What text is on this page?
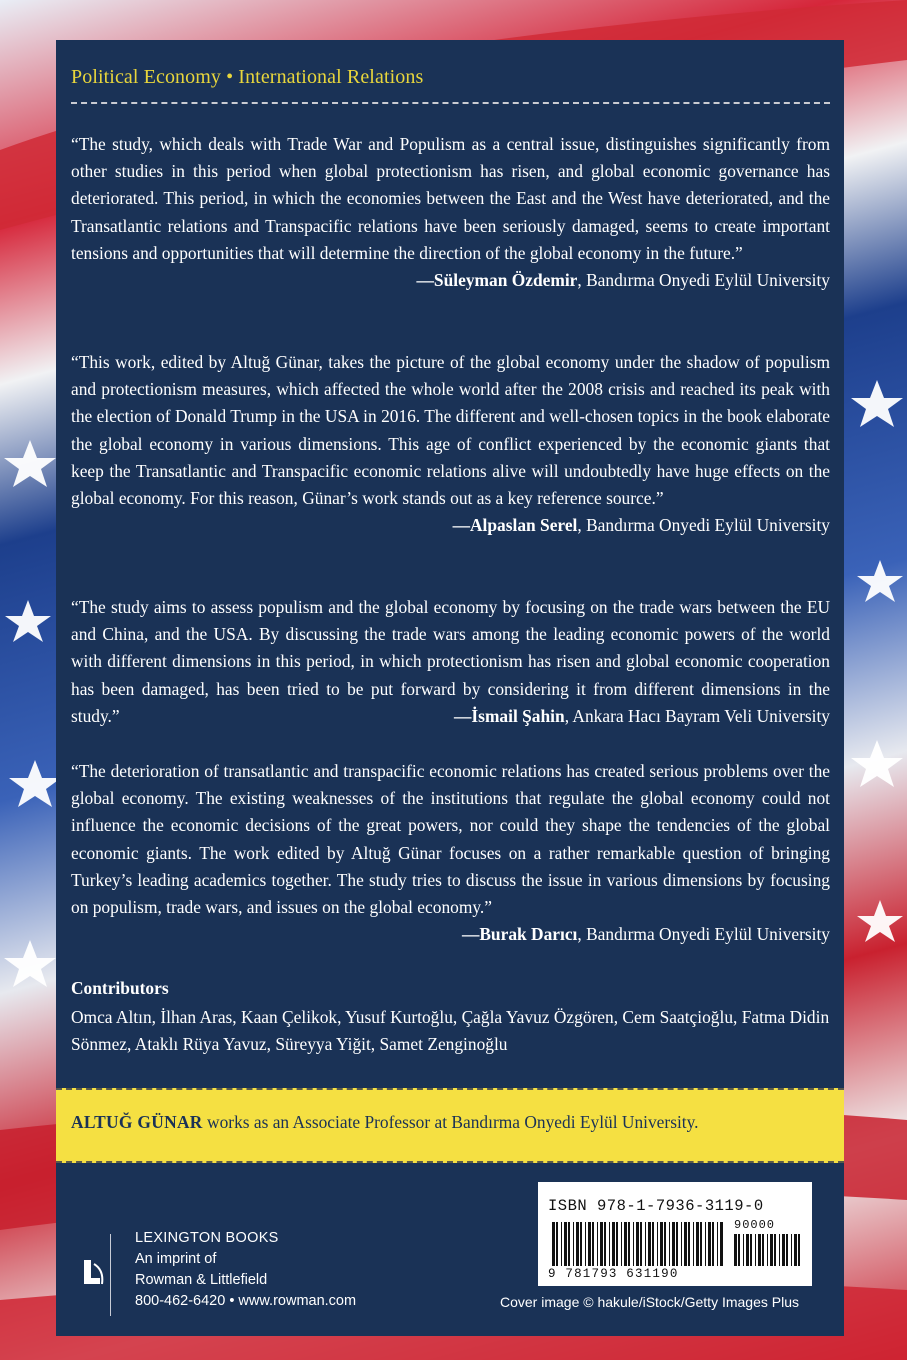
Political Economy • International Relations

“The study, which deals with Trade War and Populism as a central issue, distinguishes significantly from other studies in this period when global protectionism has risen, and global economic governance has deteriorated. This period, in which the economies between the East and the West have deteriorated, and the Transatlantic relations and Transpacific relations have been seriously damaged, seems to create important tensions and opportunities that will determine the direction of the global economy in the future.”
—Süleyman Özdemir, Bandırma Onyedi Eylül University

“This work, edited by Altuğ Günar, takes the picture of the global economy under the shadow of populism and protectionism measures, which affected the whole world after the 2008 crisis and reached its peak with the election of Donald Trump in the USA in 2016. The different and well-chosen topics in the book elaborate the global economy in various dimensions. This age of conflict experienced by the economic giants that keep the Transatlantic and Transpacific economic relations alive will undoubtedly have huge effects on the global economy. For this reason, Günar’s work stands out as a key reference source.”
—Alpaslan Serel, Bandırma Onyedi Eylül University

“The study aims to assess populism and the global economy by focusing on the trade wars between the EU and China, and the USA. By discussing the trade wars among the leading economic powers of the world with different dimensions in this period, in which protectionism has risen and global economic cooperation has been damaged, has been tried to be put forward by considering it from different dimensions in the study.”	—İsmail Şahin, Ankara Hacı Bayram Veli University

“The deterioration of transatlantic and transpacific economic relations has created serious problems over the global economy. The existing weaknesses of the institutions that regulate the global economy could not influence the economic decisions of the great powers, nor could they shape the tendencies of the global economic giants. The work edited by Altuğ Günar focuses on a rather remarkable question of bringing Turkey’s leading academics together. The study tries to discuss the issue in various dimensions by focusing on populism, trade wars, and issues on the global economy.”
—Burak Darıcı, Bandırma Onyedi Eylül University

Contributors

Omca Altın, İlhan Aras, Kaan Çelikok, Yusuf Kurtoğlu, Çağla Yavuz Özgören, Cem Saatçioğlu, Fatma Didin Sönmez, Ataklı Rüya Yavuz, Süreyya Yiğit, Samet Zenginoğlu

ALTUĞ GÜNAR works as an Associate Professor at Bandırma Onyedi Eylül University.
LEXINGTON BOOKS
An imprint of
Rowman & Littlefield
800-462-6420 • www.rowman.com
ISBN 978-1-7936-3119-0
90000
9 781793 631190
Cover image © hakule/iStock/Getty Images Plus
